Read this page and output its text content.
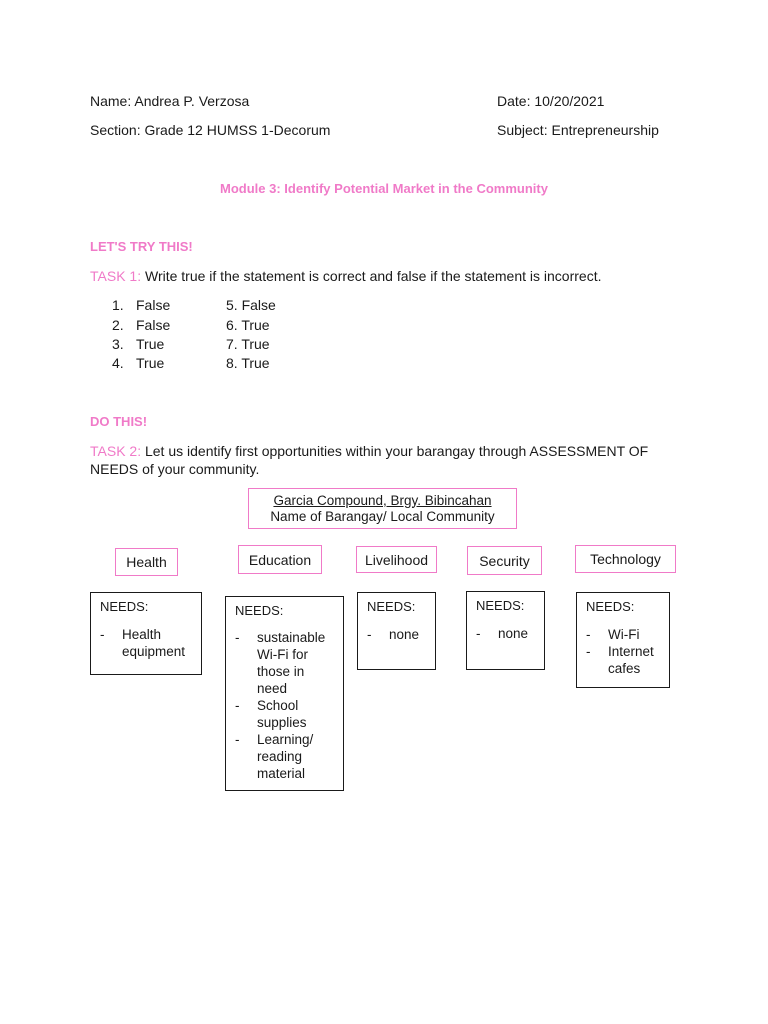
Name: Andrea P. Verzosa	Date: 10/20/2021
Section: Grade 12 HUMSS 1-Decorum	Subject: Entrepreneurship
Module 3: Identify Potential Market in the Community
LET'S TRY THIS!
TASK 1: Write true if the statement is correct and false if the statement is incorrect.
1. False
2. False
3. True
4. True
5. False
6. True
7. True
8. True
DO THIS!
TASK 2: Let us identify first opportunities within your barangay through ASSESSMENT OF
NEEDS of your community.
Garcia Compound, Brgy. Bibincahan
Name of Barangay/ Local Community
Health	Education	Livelihood	Security	Technology
NEEDS:
-	Health equipment
NEEDS:
-	sustainable Wi-Fi for those in need
-	School supplies
-	Learning/ reading material
NEEDS:
-	none
NEEDS:
-	none
NEEDS:
-	Wi-Fi
-	Internet cafes
